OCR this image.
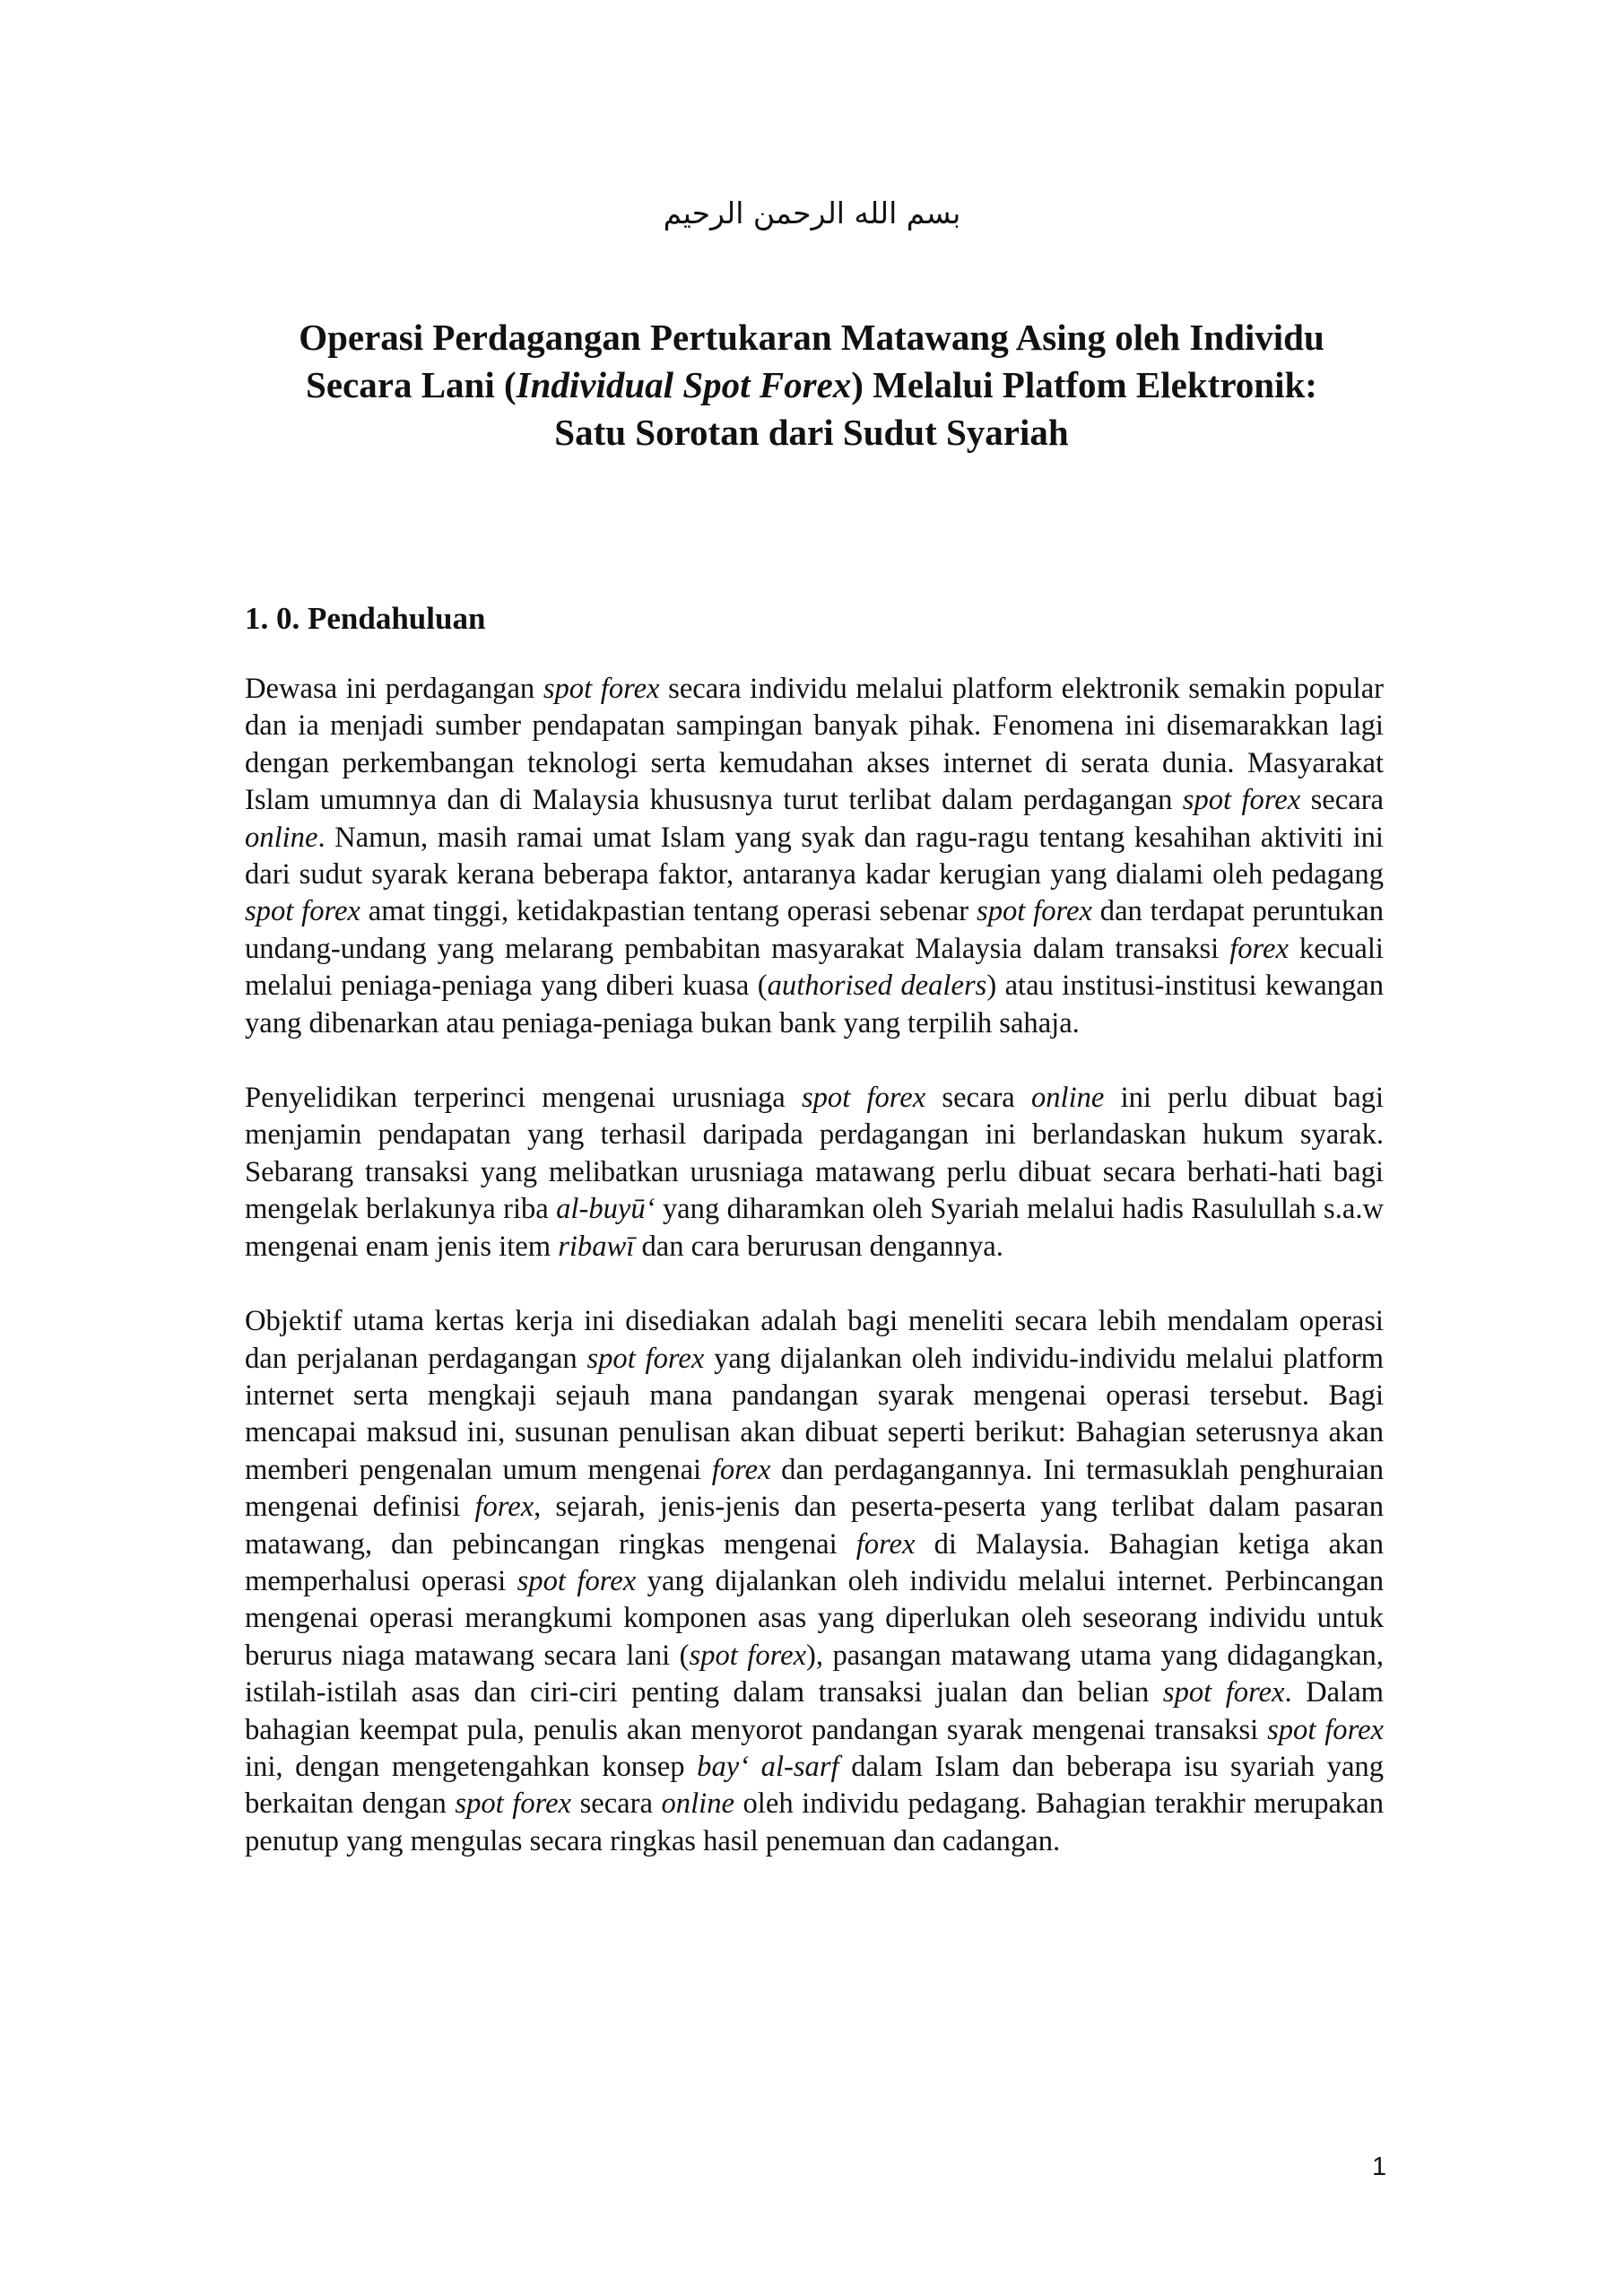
بسم الله الرحمن الرحيم
Operasi Perdagangan Pertukaran Matawang Asing oleh Individu
Secara Lani (Individual Spot Forex) Melalui Platfom Elektronik:
Satu Sorotan dari Sudut Syariah
1. 0. Pendahuluan

Dewasa ini perdagangan spot forex secara individu melalui platform elektronik semakin popular dan ia menjadi sumber pendapatan sampingan banyak pihak. Fenomena ini disemarakkan lagi dengan perkembangan teknologi serta kemudahan akses internet di serata dunia. Masyarakat Islam umumnya dan di Malaysia khususnya turut terlibat dalam perdagangan spot forex secara online. Namun, masih ramai umat Islam yang syak dan ragu-ragu tentang kesahihan aktiviti ini dari sudut syarak kerana beberapa faktor, antaranya kadar kerugian yang dialami oleh pedagang spot forex amat tinggi, ketidakpastian tentang operasi sebenar spot forex dan terdapat peruntukan undang-undang yang melarang pembabitan masyarakat Malaysia dalam transaksi forex kecuali melalui peniaga-peniaga yang diberi kuasa (authorised dealers) atau institusi-institusi kewangan yang dibenarkan atau peniaga-peniaga bukan bank yang terpilih sahaja.

Penyelidikan terperinci mengenai urusniaga spot forex secara online ini perlu dibuat bagi menjamin pendapatan yang terhasil daripada perdagangan ini berlandaskan hukum syarak. Sebarang transaksi yang melibatkan urusniaga matawang perlu dibuat secara berhati-hati bagi mengelak berlakunya riba al-buyū‘ yang diharamkan oleh Syariah melalui hadis Rasulullah s.a.w mengenai enam jenis item ribawī dan cara berurusan dengannya.

Objektif utama kertas kerja ini disediakan adalah bagi meneliti secara lebih mendalam operasi dan perjalanan perdagangan spot forex yang dijalankan oleh individu-individu melalui platform internet serta mengkaji sejauh mana pandangan syarak mengenai operasi tersebut. Bagi mencapai maksud ini, susunan penulisan akan dibuat seperti berikut: Bahagian seterusnya akan memberi pengenalan umum mengenai forex dan perdagangannya. Ini termasuklah penghuraian mengenai definisi forex, sejarah, jenis-jenis dan peserta-peserta yang terlibat dalam pasaran matawang, dan pebincangan ringkas mengenai forex di Malaysia. Bahagian ketiga akan memperhalusi operasi spot forex yang dijalankan oleh individu melalui internet. Perbincangan mengenai operasi merangkumi komponen asas yang diperlukan oleh seseorang individu untuk berurus niaga matawang secara lani (spot forex), pasangan matawang utama yang didagangkan, istilah-istilah asas dan ciri-ciri penting dalam transaksi jualan dan belian spot forex. Dalam bahagian keempat pula, penulis akan menyorot pandangan syarak mengenai transaksi spot forex ini, dengan mengetengahkan konsep bay‘ al-sarf dalam Islam dan beberapa isu syariah yang berkaitan dengan spot forex secara online oleh individu pedagang. Bahagian terakhir merupakan penutup yang mengulas secara ringkas hasil penemuan dan cadangan.

1
